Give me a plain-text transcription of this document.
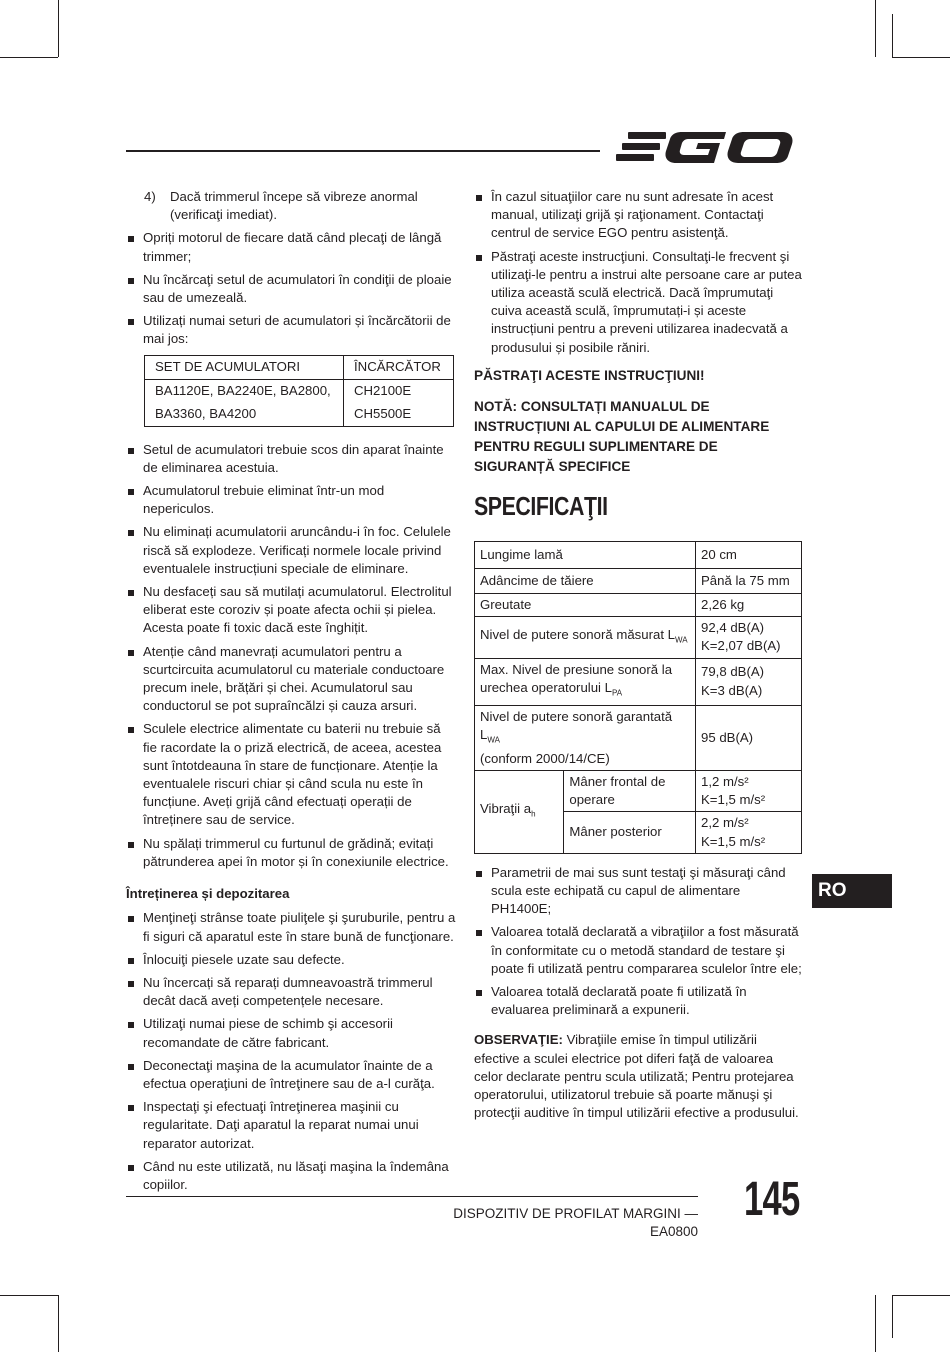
4)	Dacă trimmerul începe să vibreze anormal (verificaţi imediat).
Opriți motorul de fiecare dată când plecaţi de lângă trimmer;
Nu încărcaţi setul de acumulatori în condiţii de ploaie sau de umezeală.
Utilizați numai seturi de acumulatori și încărcătorii de mai jos:
SET DE ACUMULATORI	ÎNCĂRCĂTOR
BA1120E, BA2240E, BA2800,	CH2100E
BA3360, BA4200	CH5500E
Setul de acumulatori trebuie scos din aparat înainte de eliminarea acestuia.
Acumulatorul trebuie eliminat într-un mod nepericulos.
Nu eliminați acumulatorii aruncându-i în foc. Celulele riscă să explodeze. Verificați normele locale privind eventualele instrucțiuni speciale de eliminare.
Nu desfaceți sau să mutilați acumulatorul. Electrolitul eliberat este coroziv și poate afecta ochii și pielea. Acesta poate fi toxic dacă este înghițit.
Atenție când manevrați acumulatori pentru a scurtcircuita acumulatorul cu materiale conductoare precum inele, brățări și chei. Acumulatorul sau conductorul se pot supraîncălzi și cauza arsuri.
Sculele electrice alimentate cu baterii nu trebuie să fie racordate la o priză electrică, de aceea, acestea sunt întotdeauna în stare de funcționare. Atenție la eventualele riscuri chiar și când scula nu este în funcțiune. Aveți grijă când efectuați operații de întreținere sau de service.
Nu spălați trimmerul cu furtunul de grădină; evitați pătrunderea apei în motor și în conexiunile electrice.
Întreținerea și depozitarea
Menţineţi strânse toate piuliţele şi şuruburile, pentru a fi siguri că aparatul este în stare bună de funcţionare.
Înlocuiţi piesele uzate sau defecte.
Nu încercați să reparați dumneavoastră trimmerul decât dacă aveți competențele necesare.
Utilizaţi numai piese de schimb şi accesorii recomandate de către fabricant.
Deconectaţi maşina de la acumulator înainte de a efectua operaţiuni de întreţinere sau de a-l curăţa.
Inspectaţi şi efectuaţi întreţinerea maşinii cu regularitate. Daţi aparatul la reparat numai unui reparator autorizat.
Când nu este utilizată, nu lăsaţi maşina la îndemâna copiilor.
În cazul situaţiilor care nu sunt adresate în acest manual, utilizaţi grijă şi raţionament. Contactaţi centrul de service EGO pentru asistenţă.
Păstraţi aceste instrucţiuni. Consultaţi-le frecvent şi utilizaţi-le pentru a instrui alte persoane care ar putea utiliza această sculă electrică. Dacă împrumutaţi cuiva această sculă, împrumutați-i și aceste instrucțiuni pentru a preveni utilizarea inadecvată a produsului și posibile răniri.
PĂSTRAŢI ACESTE INSTRUCŢIUNI!
NOTĂ: CONSULTAȚI MANUALUL DE INSTRUCȚIUNI AL CAPULUI DE ALIMENTARE PENTRU REGULI SUPLIMENTARE DE SIGURANȚĂ SPECIFICE
SPECIFICAŢII
Lungime lamă		20 cm
Adâncime de tăiere		Până la 75 mm
Greutate		2,26 kg
Nivel de putere sonoră măsurat $L_{WA}$		92,4 dB(A)
K=2,07 dB(A)

Max. Nivel de presiune sonoră la urechea operatorului $L_{PA}$		79,8 dB(A)
K=3 dB(A)

Nivel de putere sonoră garantată $L_{WA}$
(conform 2000/14/CE)		95 dB(A)
Vibraţii $a_h$	Mâner frontal de operare	1,2 m/s²
K=1,5 m/s²

	Mâner posterior	2,2 m/s²
K=1,5 m/s²
Parametrii de mai sus sunt testaţi şi măsuraţi când scula este echipată cu capul de alimentare PH1400E;
Valoarea totală declarată a vibraţiilor a fost măsurată în conformitate cu o metodă standard de testare şi poate fi utilizată pentru compararea sculelor între ele;
Valoarea totală declarată poate fi utilizată în evaluarea preliminară a expunerii.
OBSERVAŢIE: Vibraţiile emise în timpul utilizării efective a sculei electrice pot diferi faţă de valoarea celor declarate pentru scula utilizată; Pentru protejarea operatorului, utilizatorul trebuie să poarte mănuşi şi protecţii auditive în timpul utilizării efective a produsului.
RO
DISPOZITIV DE PROFILAT MARGINI — EA0800
145
